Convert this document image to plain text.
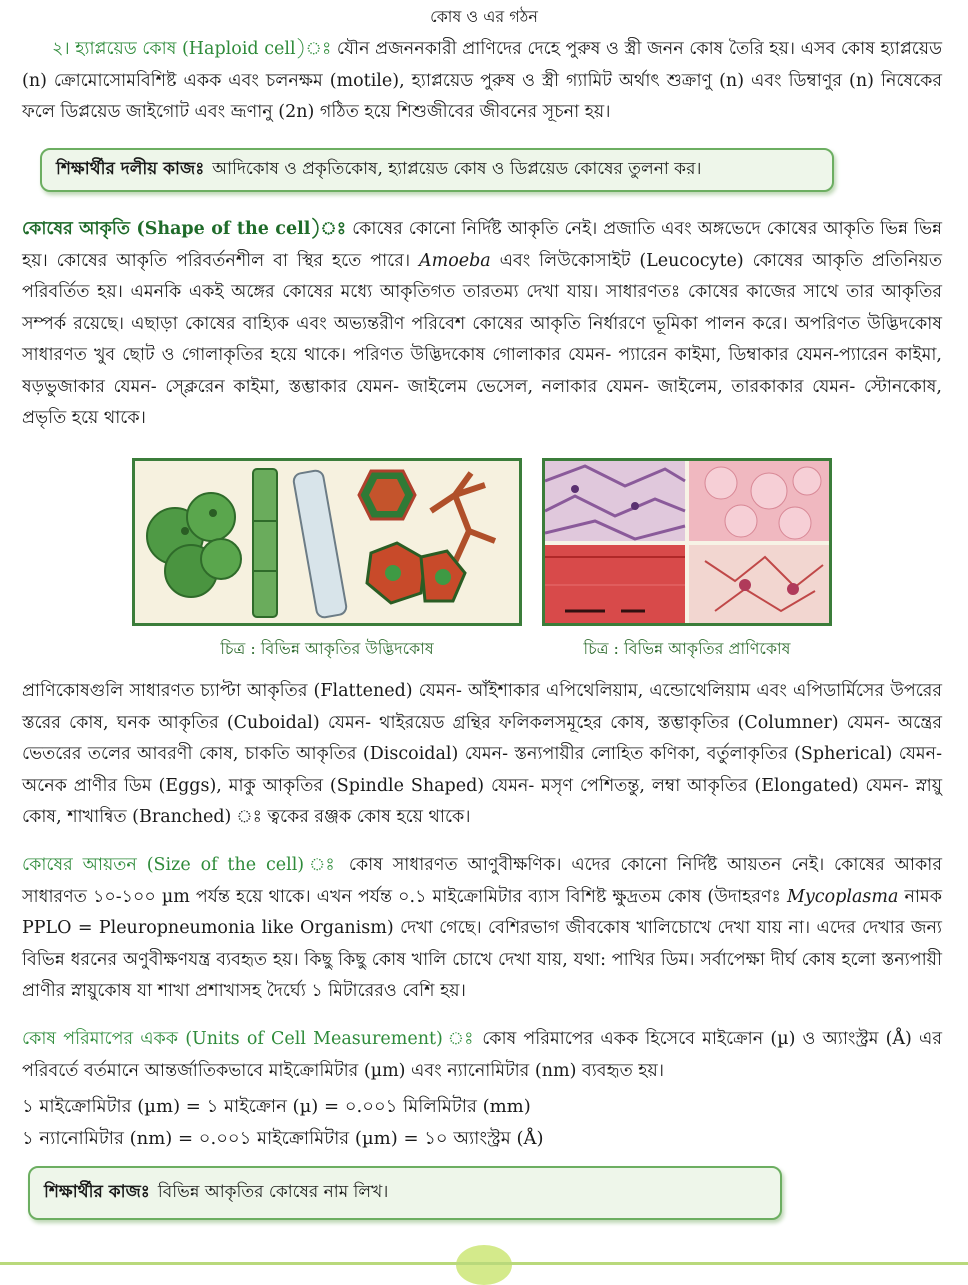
কোষ ও এর গঠন

২। হ্যাপ্লয়েড কোষ (Haploid cell)ঃ যৌন প্রজননকারী প্রাণিদের দেহে পুরুষ ও স্ত্রী জনন কোষ তৈরি হয়। এসব কোষ হ্যাপ্লয়েড (n) ক্রোমোসোমবিশিষ্ট একক এবং চলনক্ষম (motile), হ্যাপ্লয়েড পুরুষ ও স্ত্রী গ্যামিট অর্থাৎ শুক্রাণু (n) এবং ডিম্বাণুর (n) নিষেকের ফলে ডিপ্লয়েড জাইগোট এবং ভ্রূণানু (2n) গঠিত হয়ে শিশুজীবের জীবনের সূচনা হয়।

শিক্ষার্থীর দলীয় কাজঃ আদিকোষ ও প্রকৃতিকোষ, হ্যাপ্লয়েড কোষ ও ডিপ্লয়েড কোষের তুলনা কর।

কোষের আকৃতি (Shape of the cell)ঃ কোষের কোনো নির্দিষ্ট আকৃতি নেই। প্রজাতি এবং অঙ্গভেদে কোষের আকৃতি ভিন্ন ভিন্ন হয়। কোষের আকৃতি পরিবর্তনশীল বা স্থির হতে পারে। Amoeba এবং লিউকোসাইট (Leucocyte) কোষের আকৃতি প্রতিনিয়ত পরিবর্তিত হয়। এমনকি একই অঙ্গের কোষের মধ্যে আকৃতিগত তারতম্য দেখা যায়। সাধারণতঃ কোষের কাজের সাথে তার আকৃতির সম্পর্ক রয়েছে। এছাড়া কোষের বাহ্যিক এবং অভ্যন্তরীণ পরিবেশ কোষের আকৃতি নির্ধারণে ভূমিকা পালন করে। অপরিণত উদ্ভিদকোষ সাধারণত খুব ছোট ও গোলাকৃতির হয়ে থাকে। পরিণত উদ্ভিদকোষ গোলাকার যেমন- প্যারেন কাইমা, ডিম্বাকার যেমন-প্যারেন কাইমা, ষড়ভুজাকার যেমন- স্ক্লেরেন কাইমা, স্তম্ভাকার যেমন- জাইলেম ভেসেল, নলাকার যেমন- জাইলেম, তারকাকার যেমন- স্টোনকোষ, প্রভৃতি হয়ে থাকে।

চিত্র : বিভিন্ন আকৃতির উদ্ভিদকোষ	চিত্র : বিভিন্ন আকৃতির প্রাণিকোষ

প্রাণিকোষগুলি সাধারণত চ্যাপ্টা আকৃতির (Flattened) যেমন- আঁইশাকার এপিথেলিয়াম, এন্ডোথেলিয়াম এবং এপিডার্মিসের উপরের স্তরের কোষ, ঘনক আকৃতির (Cuboidal) যেমন- থাইরয়েড গ্রন্থির ফলিকলসমূহের কোষ, স্তম্ভাকৃতির (Columner) যেমন- অন্ত্রের ভেতরের তলের আবরণী কোষ, চাকতি আকৃতির (Discoidal) যেমন- স্তন্যপায়ীর লোহিত কণিকা, বর্তুলাকৃতির (Spherical) যেমন- অনেক প্রাণীর ডিম (Eggs), মাকু আকৃতির (Spindle Shaped) যেমন- মসৃণ পেশিতন্তু, লম্বা আকৃতির (Elongated) যেমন- স্নায়ু কোষ, শাখান্বিত (Branched) ঃ ত্বকের রঞ্জক কোষ হয়ে থাকে।

কোষের আয়তন (Size of the cell) ঃ কোষ সাধারণত আণুবীক্ষণিক। এদের কোনো নির্দিষ্ট আয়তন নেই। কোষের আকার সাধারণত ১০-১০০ µm পর্যন্ত হয়ে থাকে। এখন পর্যন্ত ০.১ মাইক্রোমিটার ব্যাস বিশিষ্ট ক্ষুদ্রতম কোষ (উদাহরণঃ Mycoplasma নামক PPLO = Pleuropneumonia like Organism) দেখা গেছে। বেশিরভাগ জীবকোষ খালিচোখে দেখা যায় না। এদের দেখার জন্য বিভিন্ন ধরনের অণুবীক্ষণযন্ত্র ব্যবহৃত হয়। কিছু কিছু কোষ খালি চোখে দেখা যায়, যথা: পাখির ডিম। সর্বাপেক্ষা দীর্ঘ কোষ হলো স্তন্যপায়ী প্রাণীর স্নায়ুকোষ যা শাখা প্রশাখাসহ দৈর্ঘ্যে ১ মিটারেরও বেশি হয়।

কোষ পরিমাপের একক (Units of Cell Measurement) ঃ কোষ পরিমাপের একক হিসেবে মাইক্রোন (µ) ও অ্যাংস্ট্রম (Å) এর পরিবর্তে বর্তমানে আন্তর্জাতিকভাবে মাইক্রোমিটার (µm) এবং ন্যানোমিটার (nm) ব্যবহৃত হয়।

১ মাইক্রোমিটার (µm) = ১ মাইক্রোন (µ) = ০.০০১ মিলিমিটার (mm)
১ ন্যানোমিটার (nm) = ০.০০১ মাইক্রোমিটার (µm) = ১০ অ্যাংস্ট্রম (Å)
শিক্ষার্থীর কাজঃ বিভিন্ন আকৃতির কোষের নাম লিখ।
